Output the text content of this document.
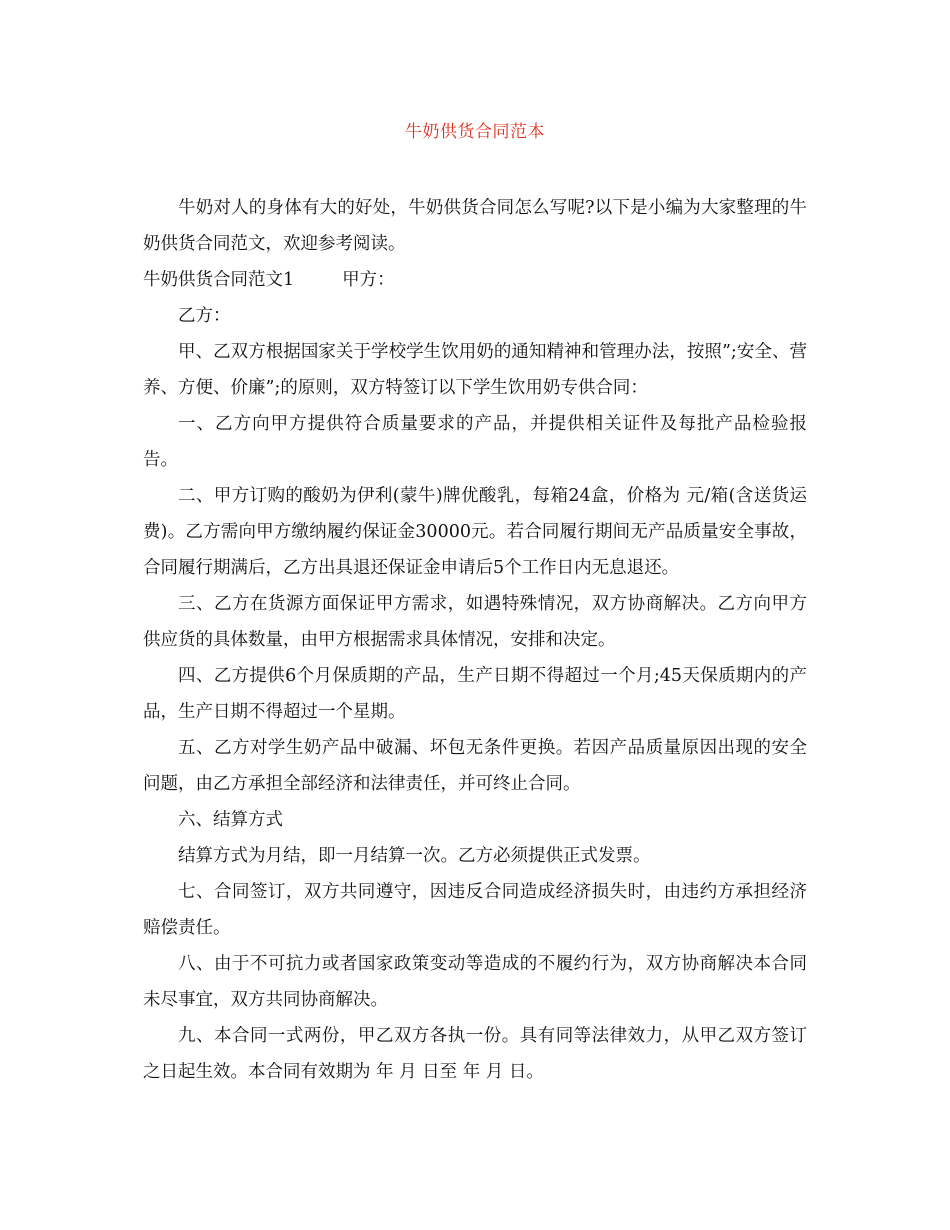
牛奶供货合同范本

牛奶对人的身体有大的好处，牛奶供货合同怎么写呢?以下是小编为大家整理的牛奶供货合同范文，欢迎参考阅读。

牛奶供货合同范文1	甲方：

乙方：

甲、乙双方根据国家关于学校学生饮用奶的通知精神和管理办法，按照”;安全、营养、方便、价廉”;的原则，双方特签订以下学生饮用奶专供合同：

一、乙方向甲方提供符合质量要求的产品，并提供相关证件及每批产品检验报告。

二、甲方订购的酸奶为伊利(蒙牛)牌优酸乳，每箱24盒，价格为 元/箱(含送货运费)。乙方需向甲方缴纳履约保证金30000元。若合同履行期间无产品质量安全事故，合同履行期满后，乙方出具退还保证金申请后5个工作日内无息退还。

三、乙方在货源方面保证甲方需求，如遇特殊情况，双方协商解决。乙方向甲方供应货的具体数量，由甲方根据需求具体情况，安排和决定。

四、乙方提供6个月保质期的产品，生产日期不得超过一个月;45天保质期内的产品，生产日期不得超过一个星期。

五、乙方对学生奶产品中破漏、坏包无条件更换。若因产品质量原因出现的安全问题，由乙方承担全部经济和法律责任，并可终止合同。

六、结算方式

结算方式为月结，即一月结算一次。乙方必须提供正式发票。

七、合同签订，双方共同遵守，因违反合同造成经济损失时，由违约方承担经济赔偿责任。

八、由于不可抗力或者国家政策变动等造成的不履约行为，双方协商解决本合同未尽事宜，双方共同协商解决。

九、本合同一式两份，甲乙双方各执一份。具有同等法律效力，从甲乙双方签订之日起生效。本合同有效期为 年 月 日至 年 月 日。
